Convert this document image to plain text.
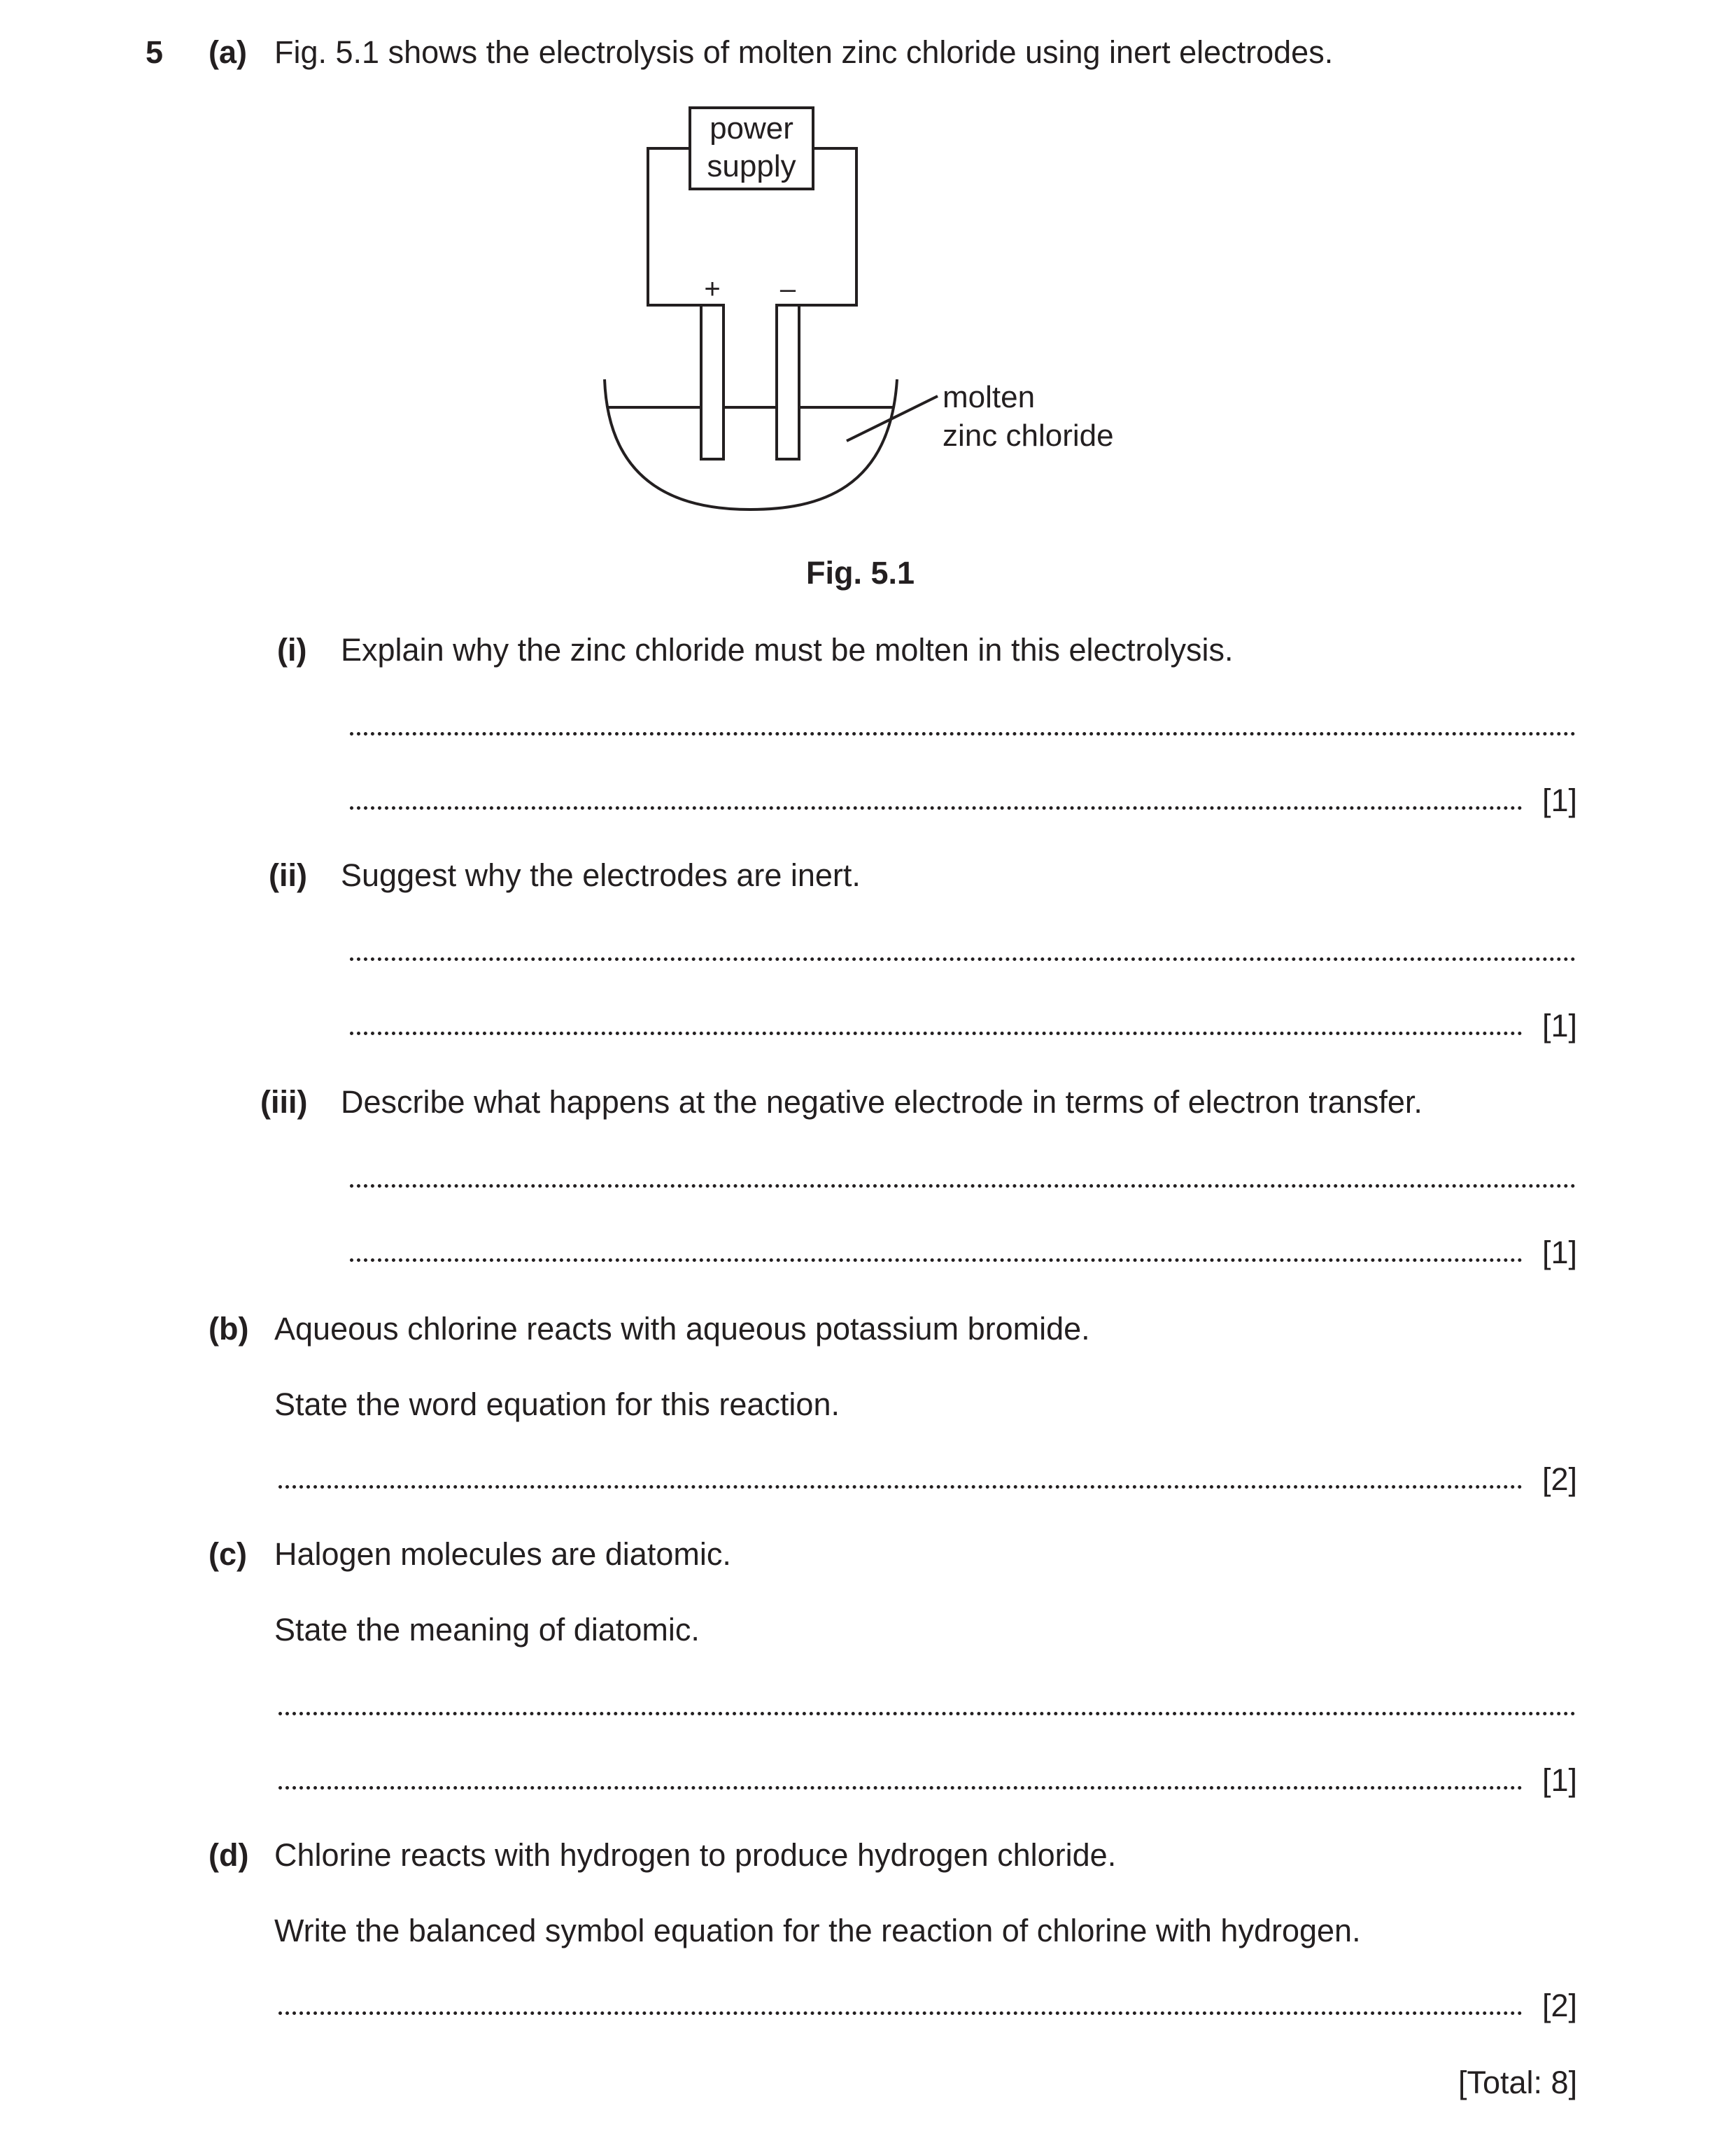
5 (a) Fig. 5.1 shows the electrolysis of molten zinc chloride using inert electrodes.
power
supply
+ –
molten
zinc chloride
Fig. 5.1
(i) Explain why the zinc chloride must be molten in this electrolysis.
[1]
(ii) Suggest why the electrodes are inert.
[1]
(iii) Describe what happens at the negative electrode in terms of electron transfer.
[1]
(b) Aqueous chlorine reacts with aqueous potassium bromide.
State the word equation for this reaction.
[2]
(c) Halogen molecules are diatomic.
State the meaning of diatomic.
[1]
(d) Chlorine reacts with hydrogen to produce hydrogen chloride.
Write the balanced symbol equation for the reaction of chlorine with hydrogen.
[2]
[Total: 8]
